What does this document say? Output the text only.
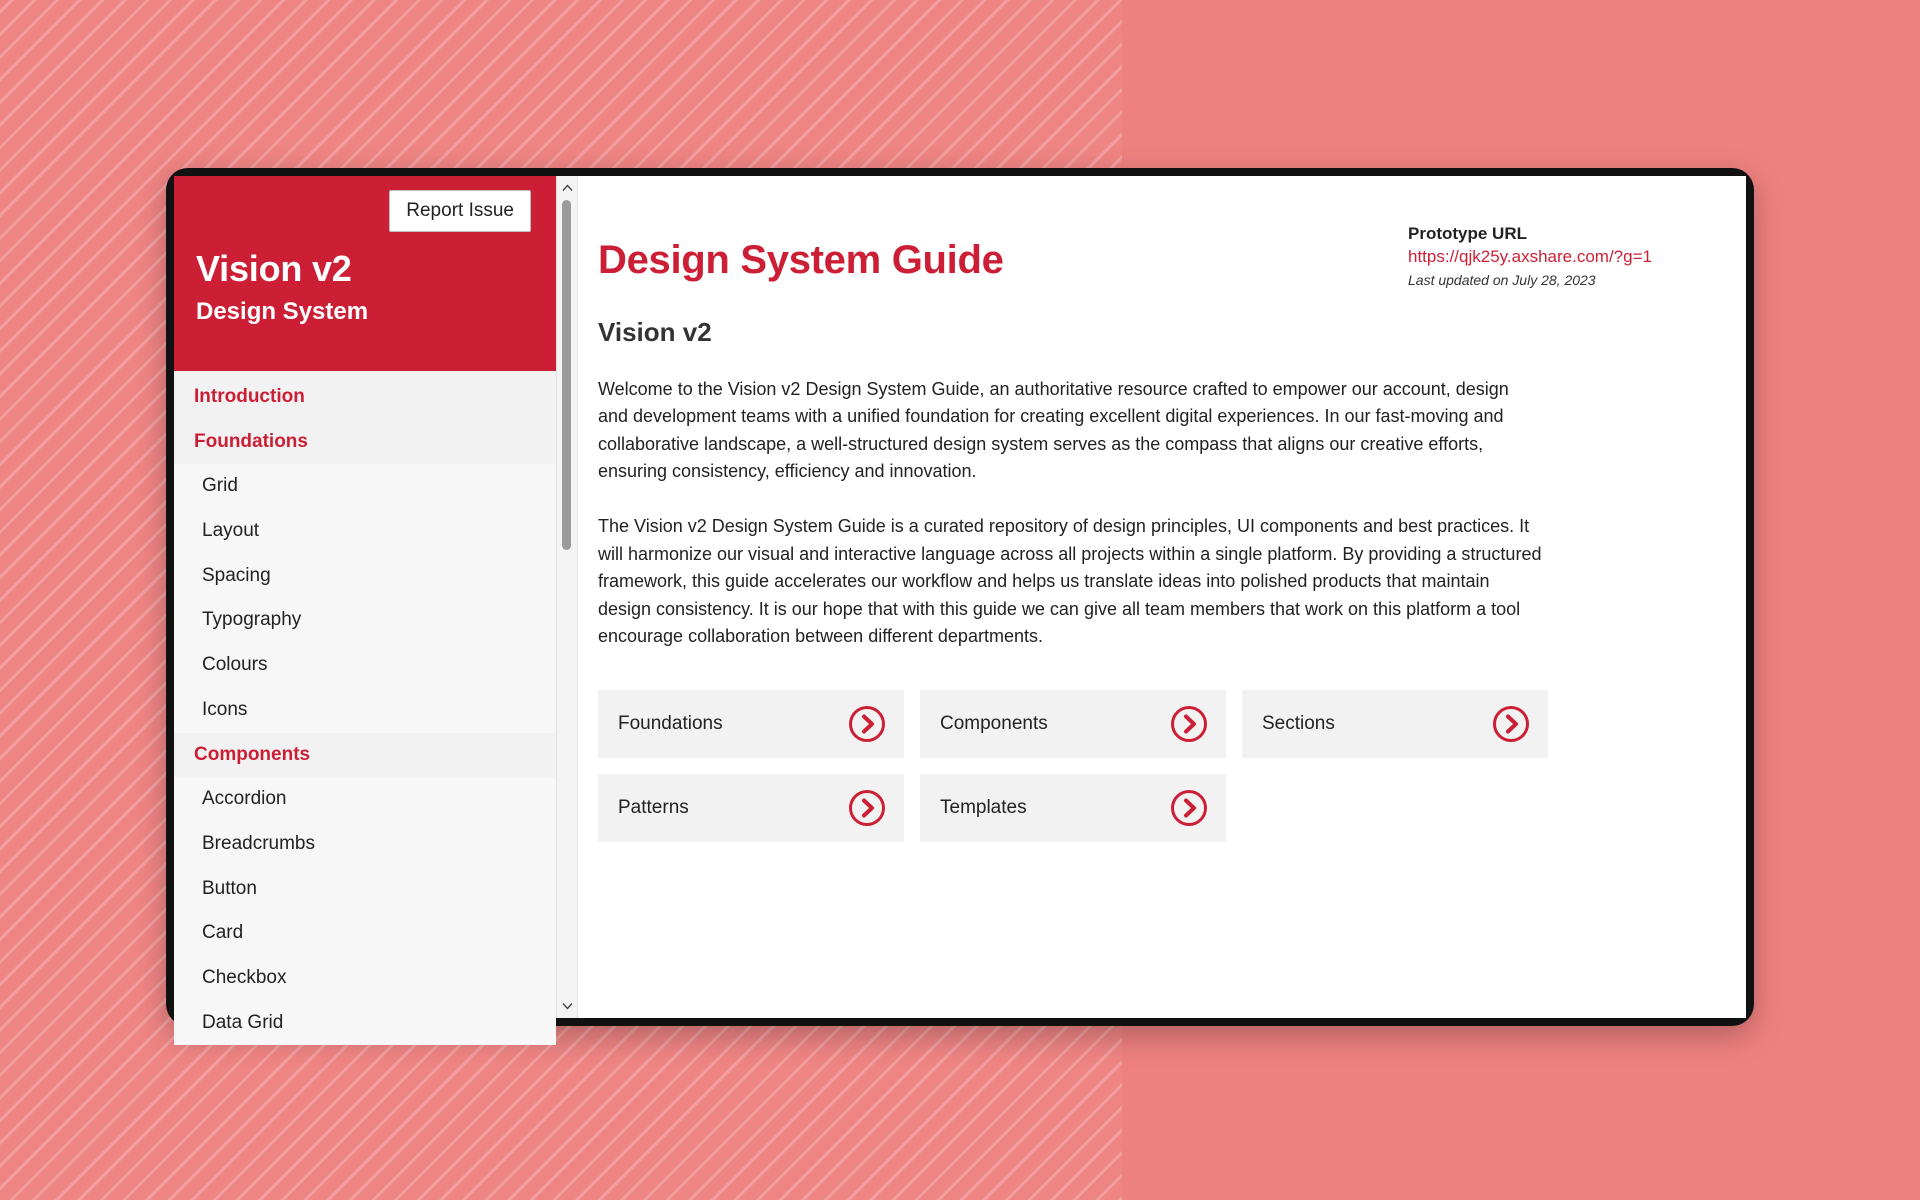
Report Issue
Vision v2
Design System
Introduction
Foundations
Grid
Layout
Spacing
Typography
Colours
Icons
Components
Accordion
Breadcrumbs
Button
Card
Checkbox
Data Grid
Prototype URL
https://qjk25y.axshare.com/?g=1
Last updated on July 28, 2023
Design System Guide
Vision v2

Welcome to the Vision v2 Design System Guide, an authoritative resource crafted to empower our account, design and development teams with a unified foundation for creating excellent digital experiences. In our fast-moving and collaborative landscape, a well-structured design system serves as the compass that aligns our creative efforts, ensuring consistency, efficiency and innovation.

The Vision v2 Design System Guide is a curated repository of design principles, UI components and best practices. It will harmonize our visual and interactive language across all projects within a single platform. By providing a structured framework, this guide accelerates our workflow and helps us translate ideas into polished products that maintain design consistency. It is our hope that with this guide we can give all team members that work on this platform a tool encourage collaboration between different departments.

Foundations	Components	Sections
Patterns	Templates
